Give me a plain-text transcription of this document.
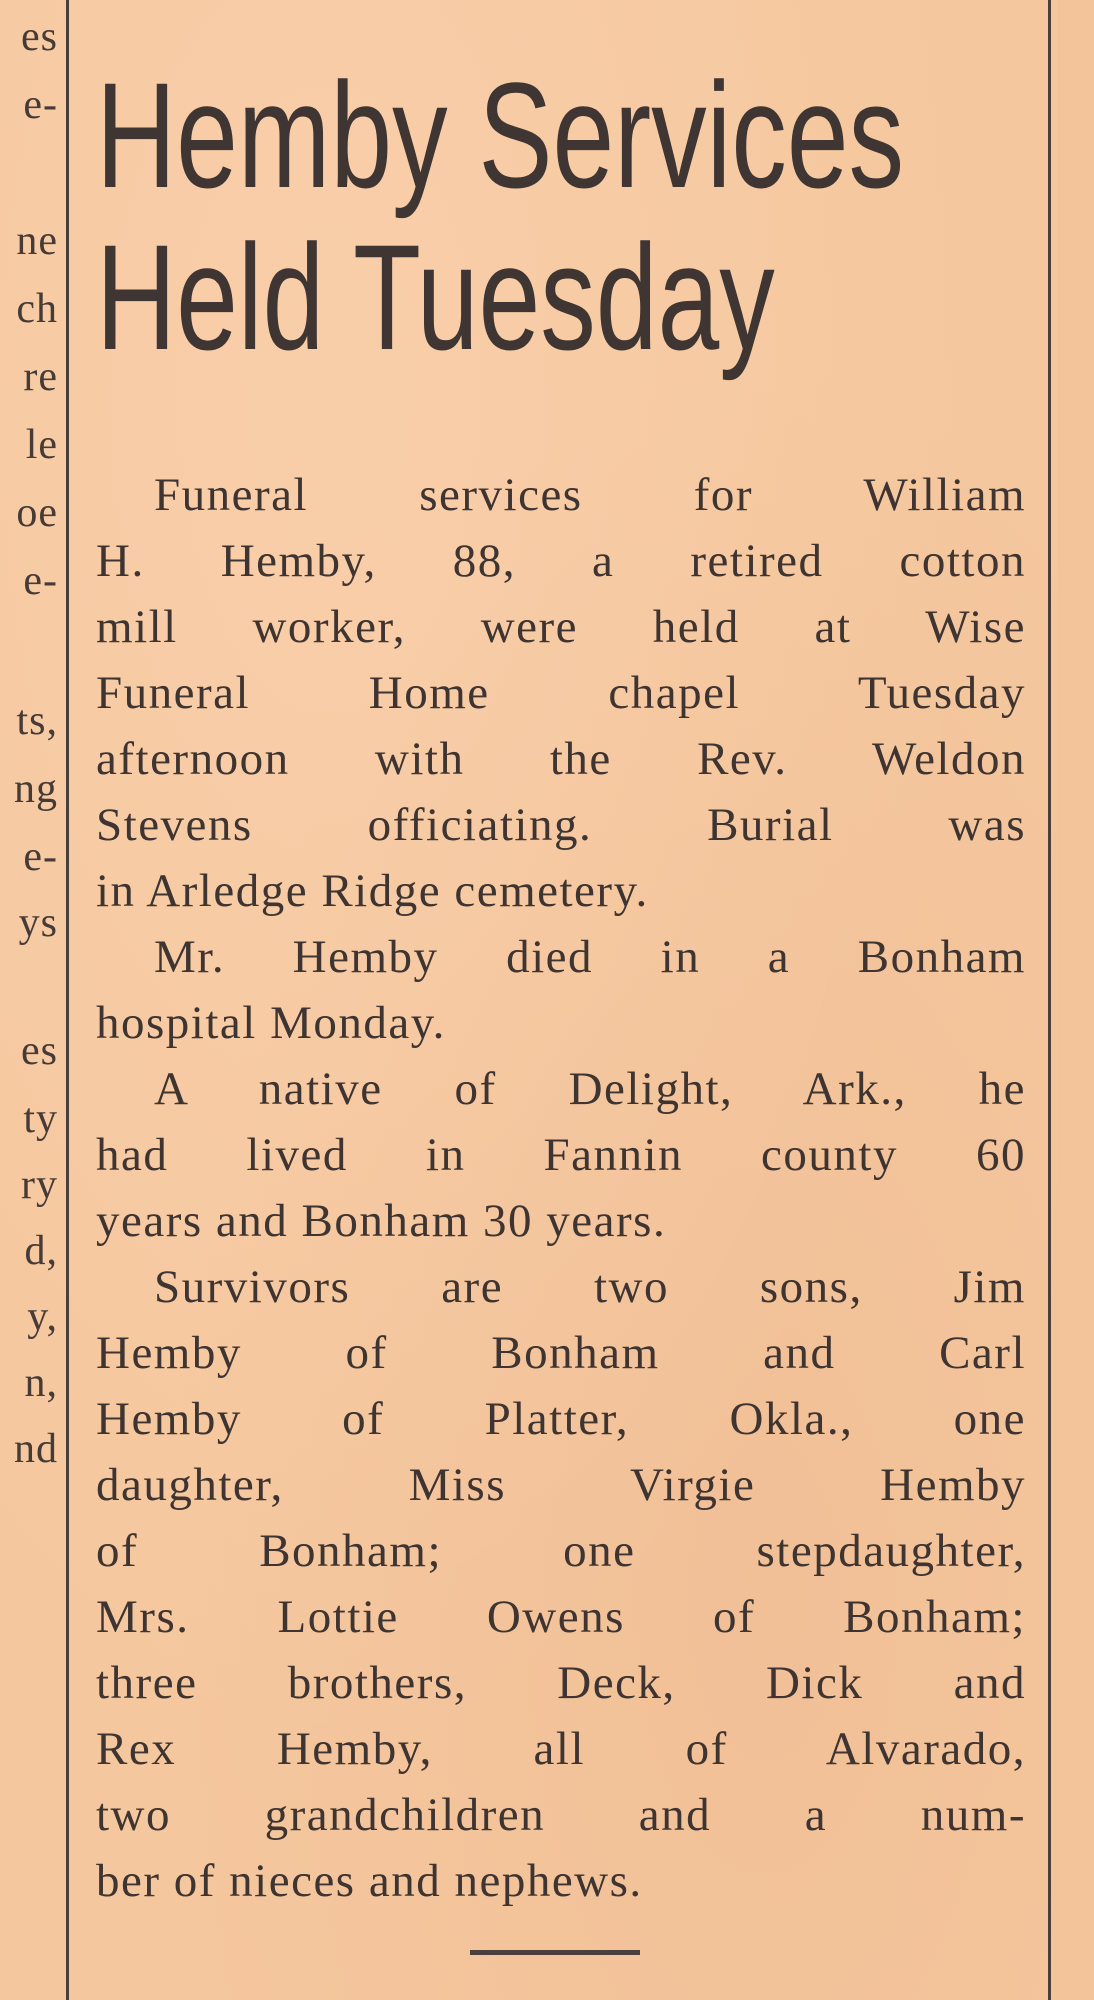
es
e-
ne
ch
re
le
oe
e-
ts,
ng
e-
ys
es
ty
ry
d,
y,
n,
nd
Hemby Services
Held Tuesday
Funeral services for William
H. Hemby, 88, a retired cotton
mill worker, were held at Wise
Funeral Home chapel Tuesday
afternoon with the Rev. Weldon
Stevens officiating. Burial was
in Arledge Ridge cemetery.
Mr. Hemby died in a Bonham
hospital Monday.
A native of Delight, Ark., he
had lived in Fannin county 60
years and Bonham 30 years.
Survivors are two sons, Jim
Hemby of Bonham and Carl
Hemby of Platter, Okla., one
daughter, Miss Virgie Hemby
of Bonham; one stepdaughter,
Mrs. Lottie Owens of Bonham;
three brothers, Deck, Dick and
Rex Hemby, all of Alvarado,
two grandchildren and a num-
ber of nieces and nephews.
